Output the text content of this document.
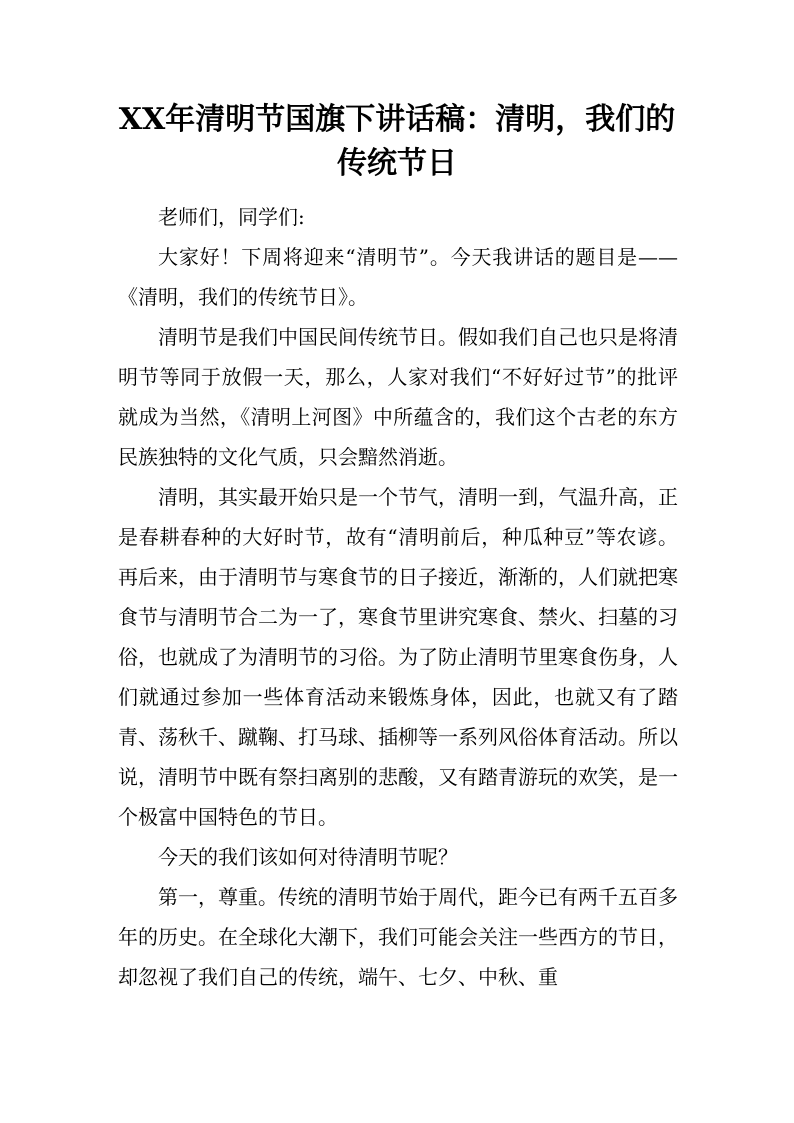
XX年清明节国旗下讲话稿：清明，我们的传统节日

老师们，同学们:

大家好！下周将迎来“清明节”。今天我讲话的题目是——《清明，我们的传统节日》。

清明节是我们中国民间传统节日。假如我们自己也只是将清明节等同于放假一天，那么，人家对我们“不好好过节”的批评就成为当然，《清明上河图》中所蕴含的，我们这个古老的东方民族独特的文化气质，只会黯然消逝。

清明，其实最开始只是一个节气，清明一到，气温升高，正是春耕春种的大好时节，故有“清明前后，种瓜种豆”等农谚。再后来，由于清明节与寒食节的日子接近，渐渐的，人们就把寒食节与清明节合二为一了，寒食节里讲究寒食、禁火、扫墓的习俗，也就成了为清明节的习俗。为了防止清明节里寒食伤身，人们就通过参加一些体育活动来锻炼身体，因此，也就又有了踏青、荡秋千、蹴鞠、打马球、插柳等一系列风俗体育活动。所以说，清明节中既有祭扫离别的悲酸，又有踏青游玩的欢笑，是一个极富中国特色的节日。

今天的我们该如何对待清明节呢？

第一，尊重。传统的清明节始于周代，距今已有两千五百多年的历史。在全球化大潮下，我们可能会关注一些西方的节日，却忽视了我们自己的传统，端午、七夕、中秋、重
